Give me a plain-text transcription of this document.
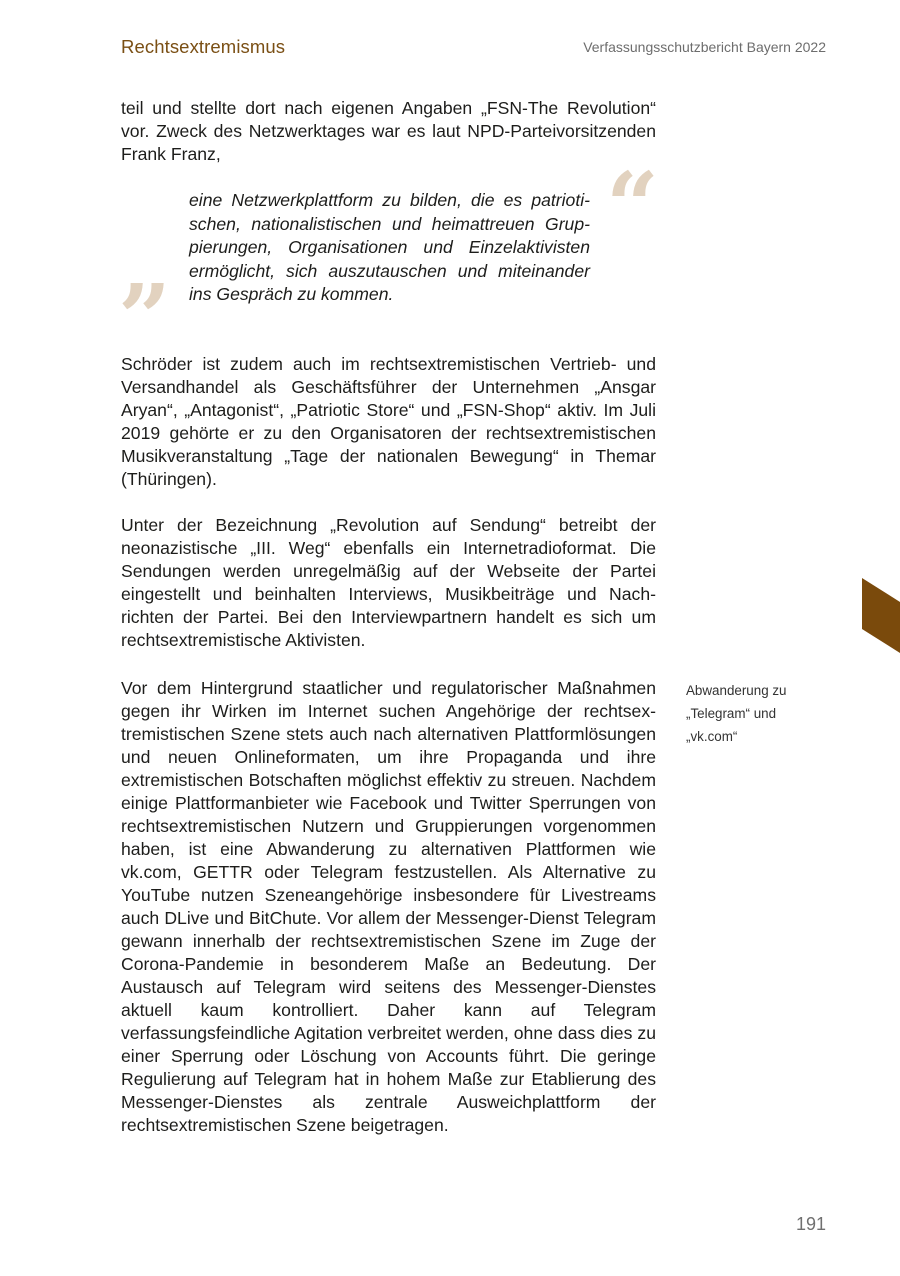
Rechtsextremismus	Verfassungsschutzbericht Bayern 2022
teil und stellte dort nach eigenen Angaben „FSN-The Revolution“ vor. Zweck des Netzwerktages war es laut NPD-Parteivorsitzenden Frank Franz,	“
eine Netzwerkplattform zu bilden, die es patriotischen, nationalistischen und heimattreuen Gruppierungen, Organisationen und Einzelaktivisten ermöglicht, sich auszutauschen und miteinander ins Gespräch zu kommen.
”
Schröder ist zudem auch im rechtsextremistischen Vertrieb- und Versandhandel als Geschäftsführer der Unternehmen „Ansgar Aryan“, „Antagonist“, „Patriotic Store“ und „FSN-Shop“ aktiv. Im Juli 2019 gehörte er zu den Organisatoren der rechtsextremistischen Musikveranstaltung „Tage der nationalen Bewegung“ in Themar (Thüringen).
Unter der Bezeichnung „Revolution auf Sendung“ betreibt der neonazistische „III. Weg“ ebenfalls ein Internetradioformat. Die Sendungen werden unregelmäßig auf der Webseite der Partei eingestellt und beinhalten Interviews, Musikbeiträge und Nachrichten der Partei. Bei den Interviewpartnern handelt es sich um rechtsextremistische Aktivisten.
Vor dem Hintergrund staatlicher und regulatorischer Maßnahmen gegen ihr Wirken im Internet suchen Angehörige der rechtsextremistischen Szene stets auch nach alternativen Plattformlösungen und neuen Onlineformaten, um ihre Propaganda und ihre extremistischen Botschaften möglichst effektiv zu streuen. Nachdem einige Plattformanbieter wie Facebook und Twitter Sperrungen von rechtsextremistischen Nutzern und Gruppierungen vorgenommen haben, ist eine Abwanderung zu alternativen Plattformen wie vk.com, GETTR oder Telegram festzustellen. Als Alternative zu YouTube nutzen Szeneangehörige insbesondere für Livestreams auch DLive und BitChute. Vor allem der Messenger-Dienst Telegram gewann innerhalb der rechtsextremistischen Szene im Zuge der Corona-Pandemie in besonderem Maße an Bedeutung. Der Austausch auf Telegram wird seitens des Messenger-Dienstes aktuell kaum kontrolliert. Daher kann auf Telegram verfassungsfeindliche Agitation verbreitet werden, ohne dass dies zu einer Sperrung oder Löschung von Accounts führt. Die geringe Regulierung auf Telegram hat in hohem Maße zur Etablierung des Messenger-Dienstes als zentrale Ausweichplattform der rechtsextremistischen Szene beigetragen.
Abwanderung zu „Telegram“ und „vk.com“
191
